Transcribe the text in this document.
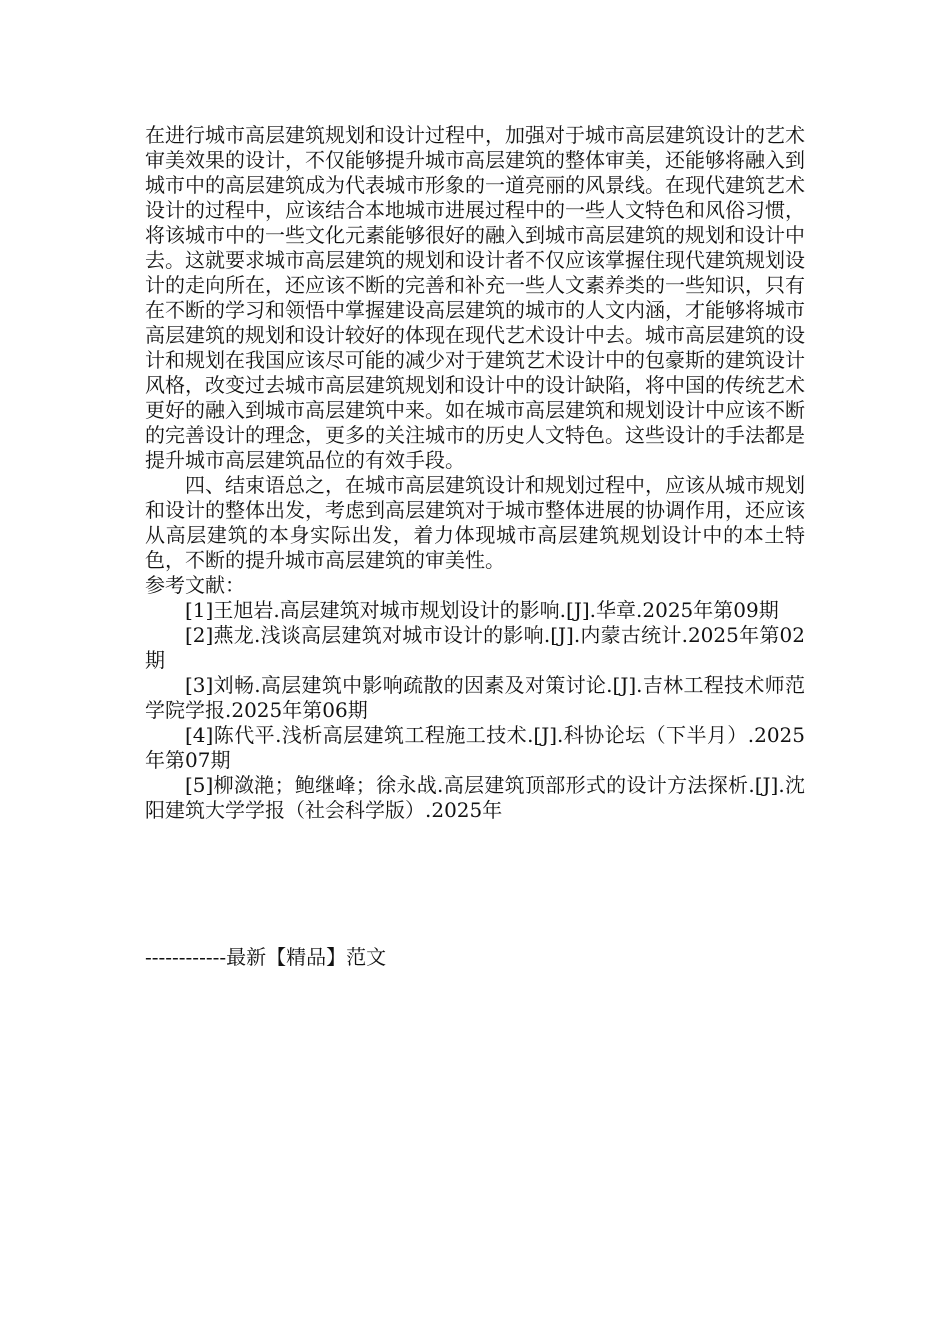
在进行城市高层建筑规划和设计过程中，加强对于城市高层建筑设计的艺术审美效果的设计，不仅能够提升城市高层建筑的整体审美，还能够将融入到城市中的高层建筑成为代表城市形象的一道亮丽的风景线。在现代建筑艺术设计的过程中，应该结合本地城市进展过程中的一些人文特色和风俗习惯，将该城市中的一些文化元素能够很好的融入到城市高层建筑的规划和设计中去。这就要求城市高层建筑的规划和设计者不仅应该掌握住现代建筑规划设计的走向所在，还应该不断的完善和补充一些人文素养类的一些知识，只有在不断的学习和领悟中掌握建设高层建筑的城市的人文内涵，才能够将城市高层建筑的规划和设计较好的体现在现代艺术设计中去。城市高层建筑的设计和规划在我国应该尽可能的减少对于建筑艺术设计中的包豪斯的建筑设计风格，改变过去城市高层建筑规划和设计中的设计缺陷，将中国的传统艺术更好的融入到城市高层建筑中来。如在城市高层建筑和规划设计中应该不断的完善设计的理念，更多的关注城市的历史人文特色。这些设计的手法都是提升城市高层建筑品位的有效手段。

四、结束语总之，在城市高层建筑设计和规划过程中，应该从城市规划和设计的整体出发，考虑到高层建筑对于城市整体进展的协调作用，还应该从高层建筑的本身实际出发，着力体现城市高层建筑规划设计中的本土特色，不断的提升城市高层建筑的审美性。

参考文献：

[1]王旭岩.高层建筑对城市规划设计的影响.[J].华章.2025年第09期

[2]燕龙.浅谈高层建筑对城市设计的影响.[J].内蒙古统计.2025年第02期

[3]刘畅.高层建筑中影响疏散的因素及对策讨论.[J].吉林工程技术师范学院学报.2025年第06期

[4]陈代平.浅析高层建筑工程施工技术.[J].科协论坛（下半月）.2025年第07期

[5]柳潋滟；鲍继峰；徐永战.高层建筑顶部形式的设计方法探析.[J].沈阳建筑大学学报（社会科学版）.2025年

------------最新【精品】范文
